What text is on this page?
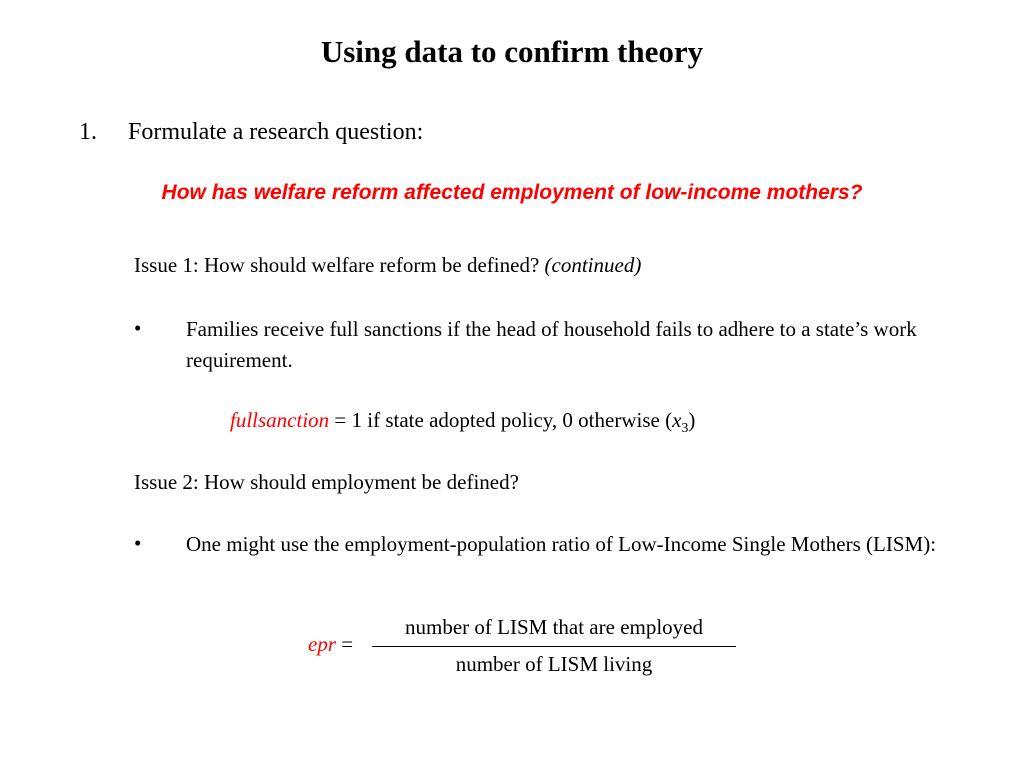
Using data to confirm theory
1. Formulate a research question:
How has welfare reform affected employment of low-income mothers?
Issue 1: How should welfare reform be defined? (continued)
• Families receive full sanctions if the head of household fails to adhere to a state’s work requirement.
fullsanction = 1 if state adopted policy, 0 otherwise $(x_3)$
Issue 2: How should employment be defined?
• One might use the employment-population ratio of Low-Income Single Mothers (LISM):
epr =
number of LISM that are employed
number of LISM living
